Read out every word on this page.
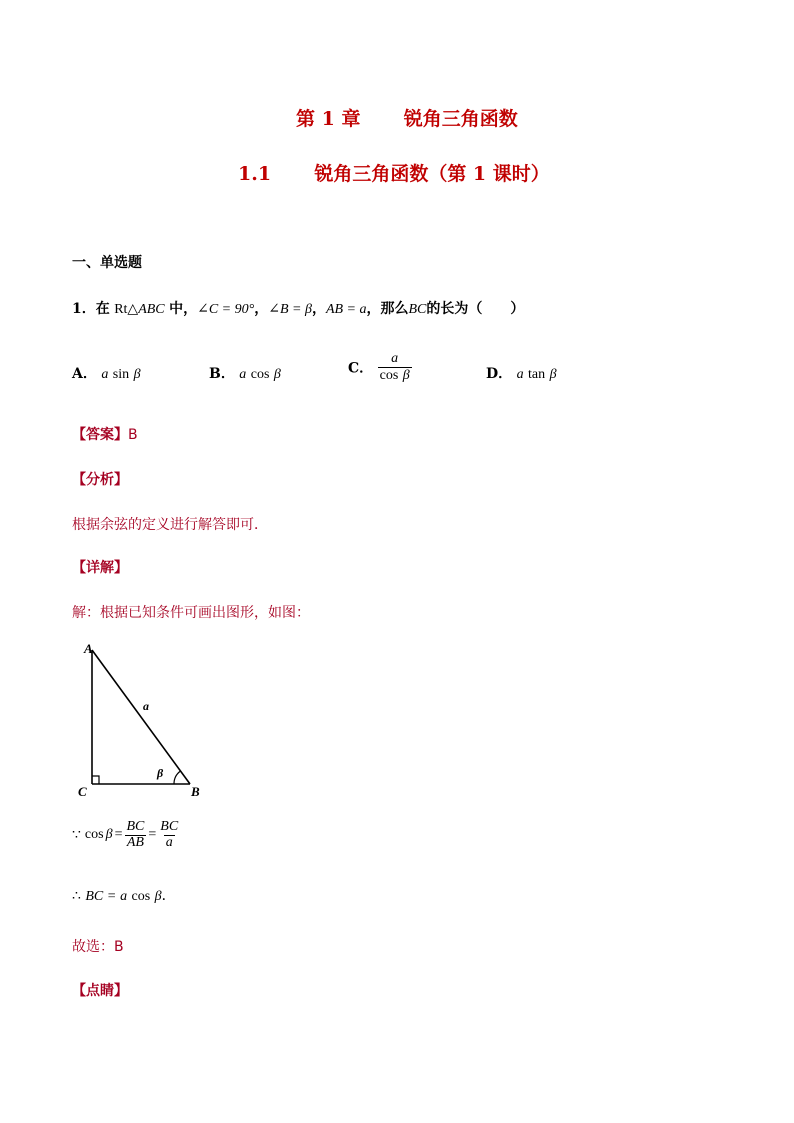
第 1 章 锐角三角函数
1.1 锐角三角函数（第 1 课时）
一、单选题
1．在 Rt△ABC 中，∠C = 90°，∠B = β，AB = a，那么BC的长为（　　）
A． a sin β	B． a cos β	C． $\frac{a}{\text{cos β}}$	D． a tan β
【答案】B
【分析】
根据余弦的定义进行解答即可．
【详解】
解：根据已知条件可画出图形，如图：
A
C	B
a
β
∵ $\cos \beta = \frac{BC}{AB} = \frac{BC}{a}$
∴ BC = a cos β．
故选：B
【点睛】
